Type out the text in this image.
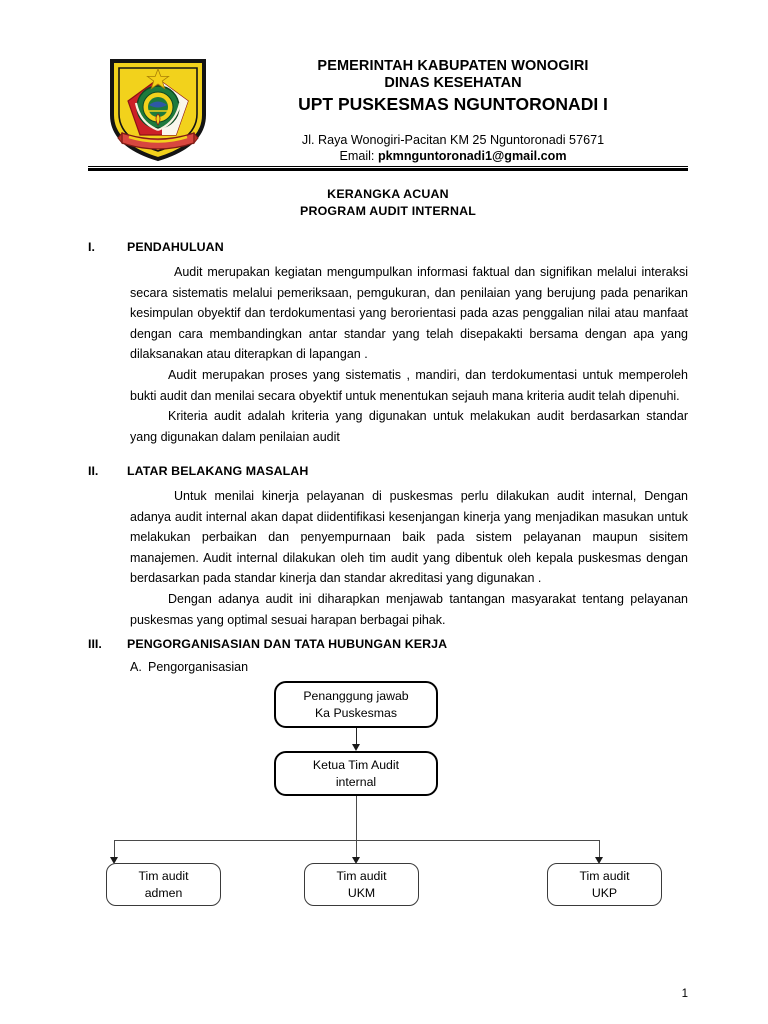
PEMERINTAH KABUPATEN WONOGIRI
DINAS KESEHATAN
UPT PUSKESMAS NGUNTORONADI I
Jl. Raya Wonogiri-Pacitan KM 25 Nguntoronadi 57671
Email: pkmnguntoronadi1@gmail.com
KERANGKA ACUAN
PROGRAM AUDIT INTERNAL
I.	PENDAHULUAN

Audit merupakan kegiatan mengumpulkan informasi faktual dan signifikan melalui interaksi secara sistematis melalui pemeriksaan, pemgukuran, dan penilaian yang berujung pada penarikan kesimpulan obyektif dan terdokumentasi yang berorientasi pada azas penggalian nilai atau manfaat dengan cara membandingkan antar standar yang telah disepakakti bersama dengan apa yang dilaksanakan atau diterapkan di lapangan .

Audit merupakan proses yang sistematis , mandiri, dan terdokumentasi untuk memperoleh bukti audit dan menilai secara obyektif untuk menentukan sejauh mana kriteria audit telah dipenuhi.

Kriteria audit adalah kriteria yang digunakan untuk melakukan audit berdasarkan standar yang digunakan dalam penilaian audit

II.	LATAR BELAKANG MASALAH

Untuk menilai kinerja pelayanan di puskesmas perlu dilakukan audit internal, Dengan adanya audit internal akan dapat diidentifikasi kesenjangan kinerja yang menjadikan masukan untuk melakukan perbaikan dan penyempurnaan baik pada sistem pelayanan maupun sisitem manajemen. Audit internal dilakukan oleh tim audit yang dibentuk oleh kepala puskesmas dengan berdasarkan pada standar kinerja dan standar akreditasi yang digunakan .

Dengan adanya audit ini diharapkan menjawab tantangan masyarakat tentang pelayanan puskesmas yang optimal sesuai harapan berbagai pihak.

III.	PENGORGANISASIAN DAN TATA HUBUNGAN KERJA
A. Pengorganisasian
Penanggung jawab
Ka Puskesmas
Ketua Tim Audit
internal
Tim audit
admen
Tim audit
UKM
Tim audit
UKP
1
